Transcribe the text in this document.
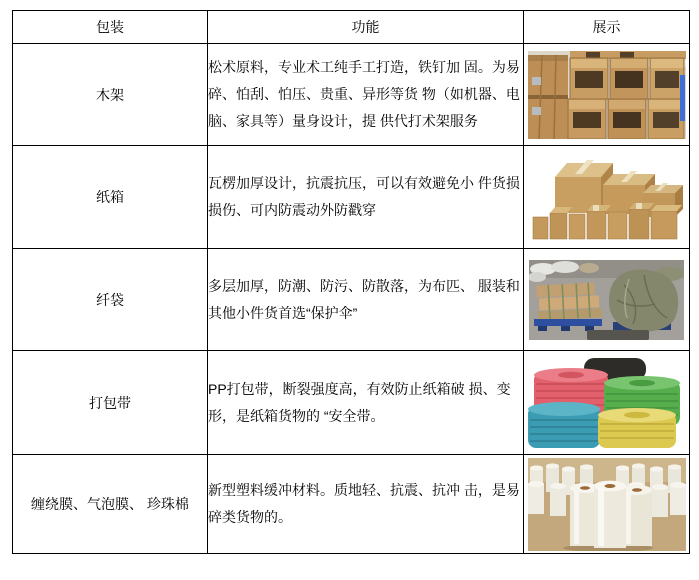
包装	功能	展示
木架	松术原料，专业术工纯手工打造，铁钉加 固。为易碎、怕刮、怕压、贵重、异形等货 物（如机器、电脑、家具等）量身设计，提 供代打术架服务	

纸箱	瓦楞加厚设计，抗震抗压，可以有效避免小 件货损损伤、可内防震动外防戳穿	

纤袋	多层加厚，防潮、防污、防散落，为布匹、 服装和其他小件货首选“保护伞”	

打包带	PP打包带，断裂强度高，有效防止纸箱破 损、变形，是纸箱货物的 “安全带。	

缠绕膜、气泡膜、 珍珠棉	新型塑料缓冲材料。质地轻、抗震、抗冲 击，是易碎类货物的。	
